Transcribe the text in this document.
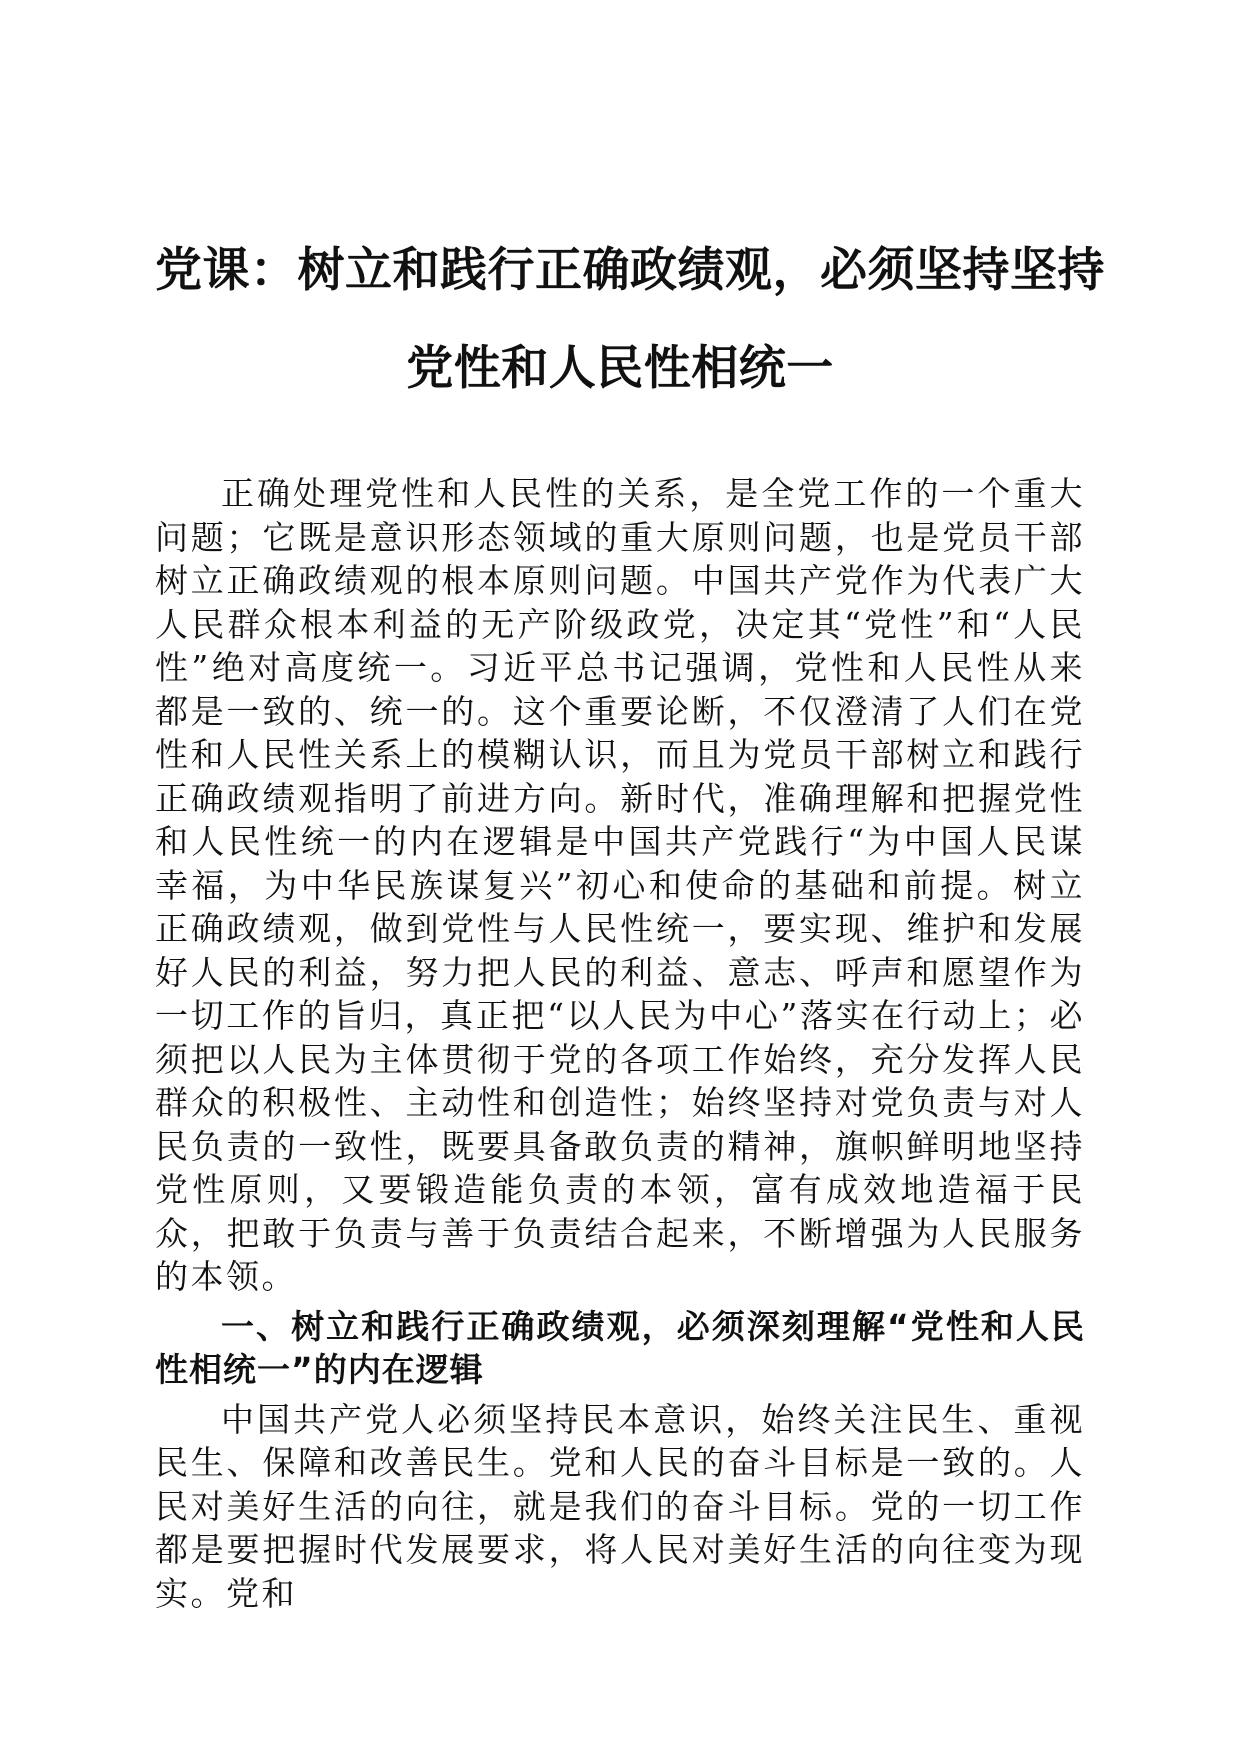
党课：树立和践行正确政绩观，必须坚持坚持
党性和人民性相统一

正确处理党性和人民性的关系，是全党工作的一个重大问题；它既是意识形态领域的重大原则问题，也是党员干部树立正确政绩观的根本原则问题。中国共产党作为代表广大人民群众根本利益的无产阶级政党，决定其“党性”和“人民性”绝对高度统一。习近平总书记强调，党性和人民性从来都是一致的、统一的。这个重要论断，不仅澄清了人们在党性和人民性关系上的模糊认识，而且为党员干部树立和践行正确政绩观指明了前进方向。新时代，准确理解和把握党性和人民性统一的内在逻辑是中国共产党践行“为中国人民谋幸福，为中华民族谋复兴”初心和使命的基础和前提。树立正确政绩观，做到党性与人民性统一，要实现、维护和发展好人民的利益，努力把人民的利益、意志、呼声和愿望作为一切工作的旨归，真正把“以人民为中心”落实在行动上；必须把以人民为主体贯彻于党的各项工作始终，充分发挥人民群众的积极性、主动性和创造性；始终坚持对党负责与对人民负责的一致性，既要具备敢负责的精神，旗帜鲜明地坚持党性原则，又要锻造能负责的本领，富有成效地造福于民众，把敢于负责与善于负责结合起来，不断增强为人民服务的本领。

一、树立和践行正确政绩观，必须深刻理解“党性和人民性相统一”的内在逻辑

中国共产党人必须坚持民本意识，始终关注民生、重视民生、保障和改善民生。党和人民的奋斗目标是一致的。人民对美好生活的向往，就是我们的奋斗目标。党的一切工作都是要把握时代发展要求，将人民对美好生活的向往变为现实。党和
